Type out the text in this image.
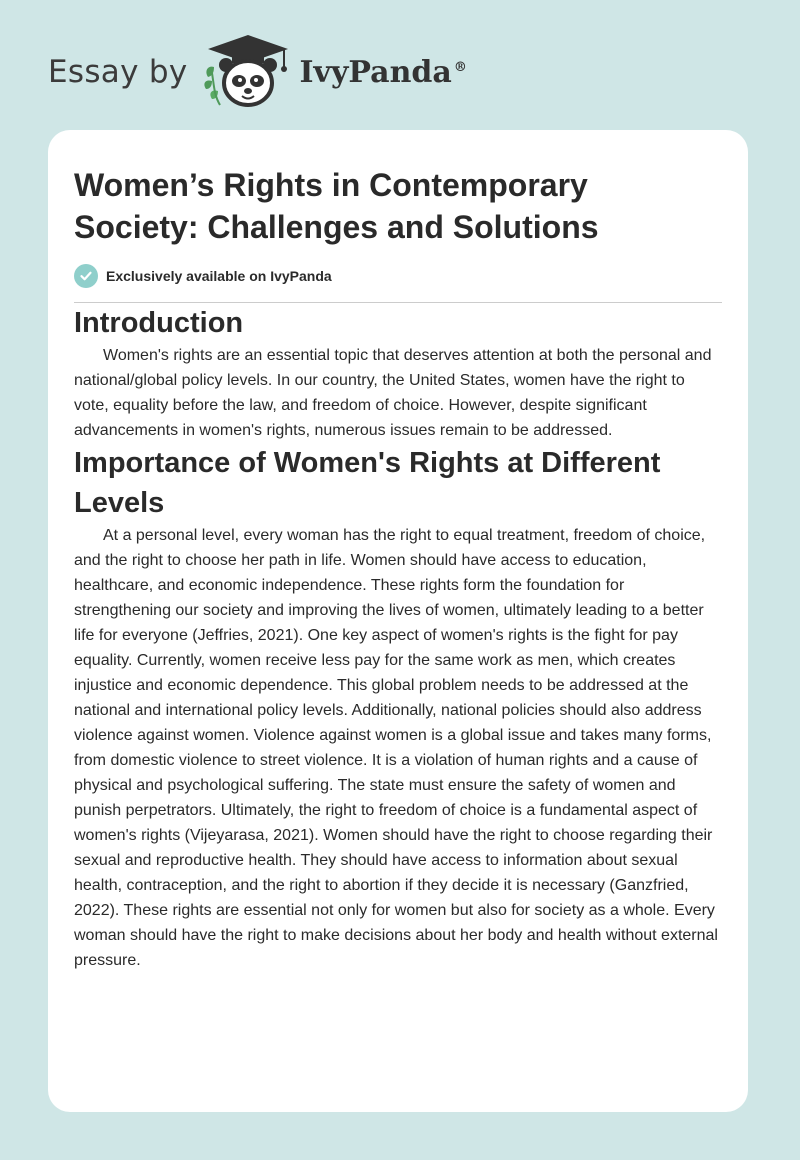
Essay by	IvyPanda ®
Women’s Rights in Contemporary Society: Challenges and Solutions
Exclusively available on IvyPanda
Introduction

Women's rights are an essential topic that deserves attention at both the personal and national/global policy levels. In our country, the United States, women have the right to vote, equality before the law, and freedom of choice. However, despite significant advancements in women's rights, numerous issues remain to be addressed.

Importance of Women's Rights at Different Levels

At a personal level, every woman has the right to equal treatment, freedom of choice, and the right to choose her path in life. Women should have access to education, healthcare, and economic independence. These rights form the foundation for strengthening our society and improving the lives of women, ultimately leading to a better life for everyone (Jeffries, 2021). One key aspect of women's rights is the fight for pay equality. Currently, women receive less pay for the same work as men, which creates injustice and economic dependence. This global problem needs to be addressed at the national and international policy levels. Additionally, national policies should also address violence against women. Violence against women is a global issue and takes many forms, from domestic violence to street violence. It is a violation of human rights and a cause of physical and psychological suffering. The state must ensure the safety of women and punish perpetrators. Ultimately, the right to freedom of choice is a fundamental aspect of women's rights (Vijeyarasa, 2021). Women should have the right to choose regarding their sexual and reproductive health. They should have access to information about sexual health, contraception, and the right to abortion if they decide it is necessary (Ganzfried, 2022). These rights are essential not only for women but also for society as a whole. Every woman should have the right to make decisions about her body and health without external pressure.
